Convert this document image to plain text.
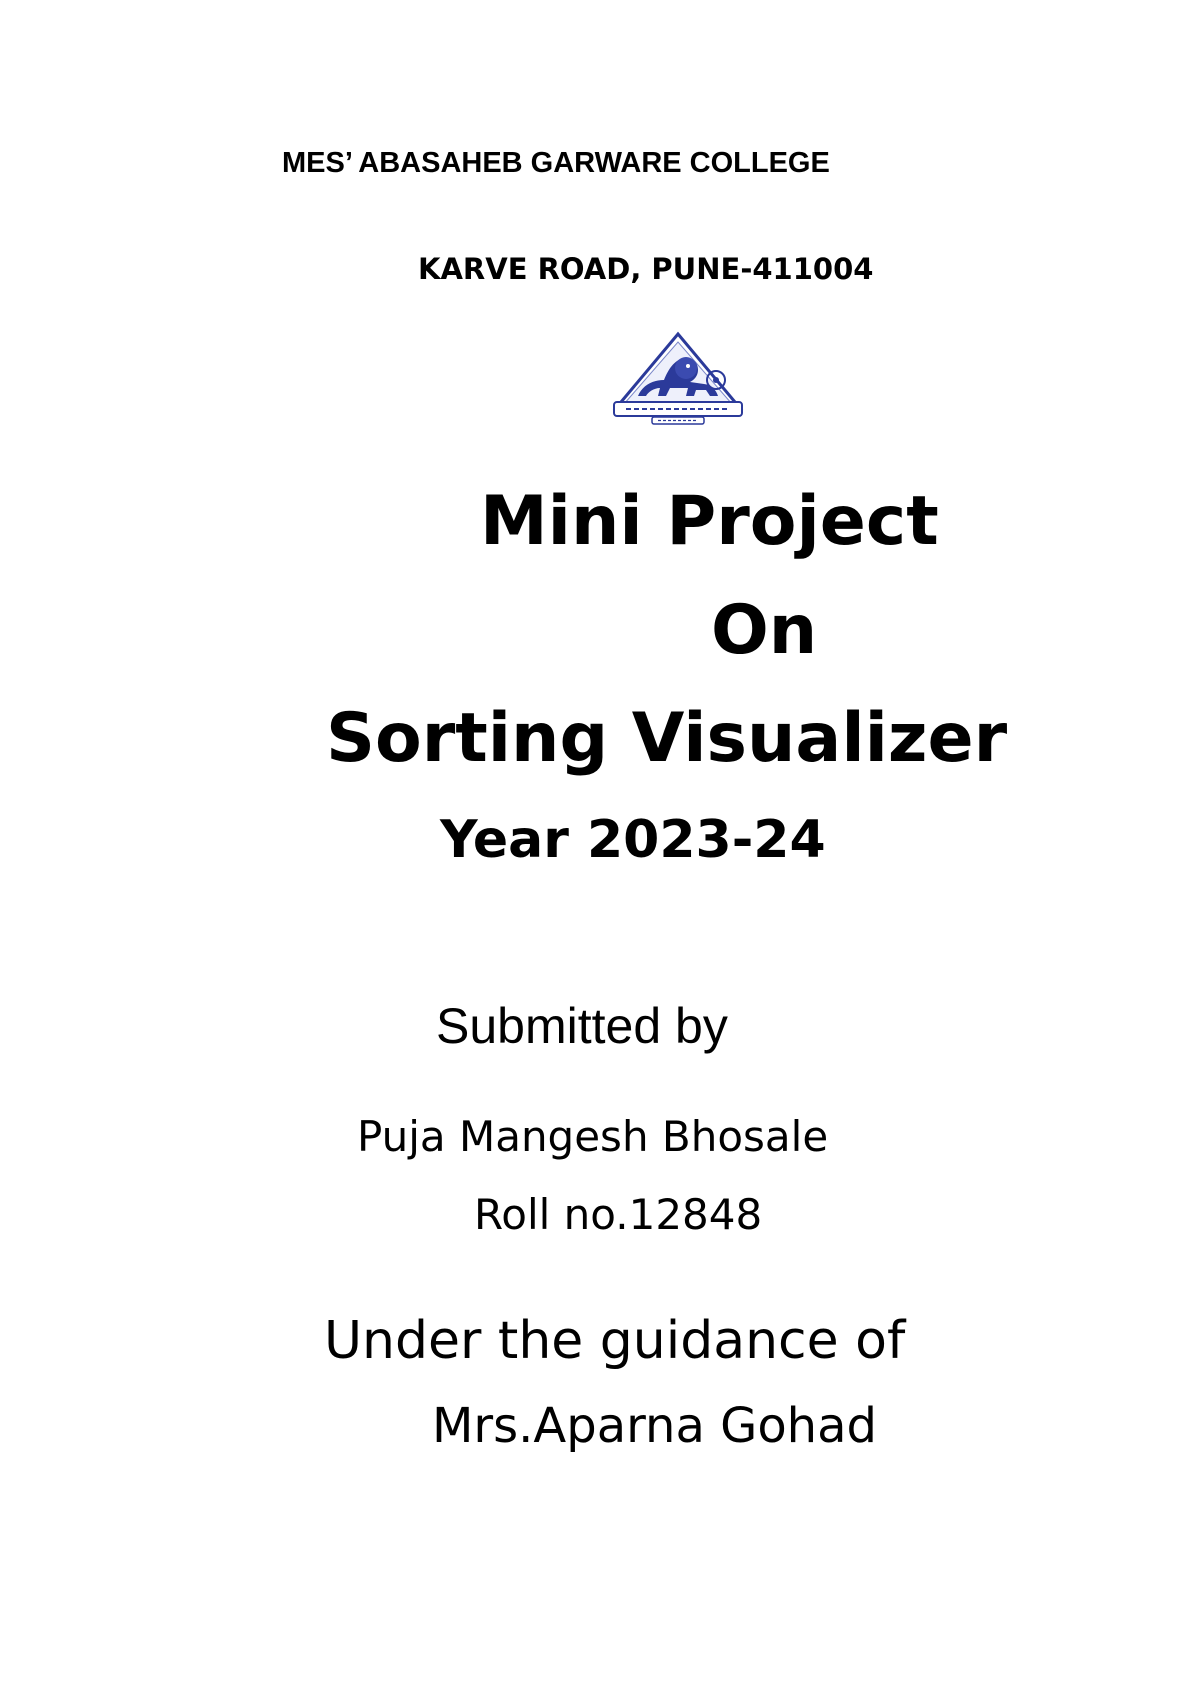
MES’ ABASAHEB GARWARE COLLEGE

KARVE ROAD, PUNE-411004

Mini Project

On

Sorting Visualizer

Year 2023-24

Submitted by

Puja Mangesh Bhosale

Roll no.12848

Under the guidance of

Mrs.Aparna Gohad
